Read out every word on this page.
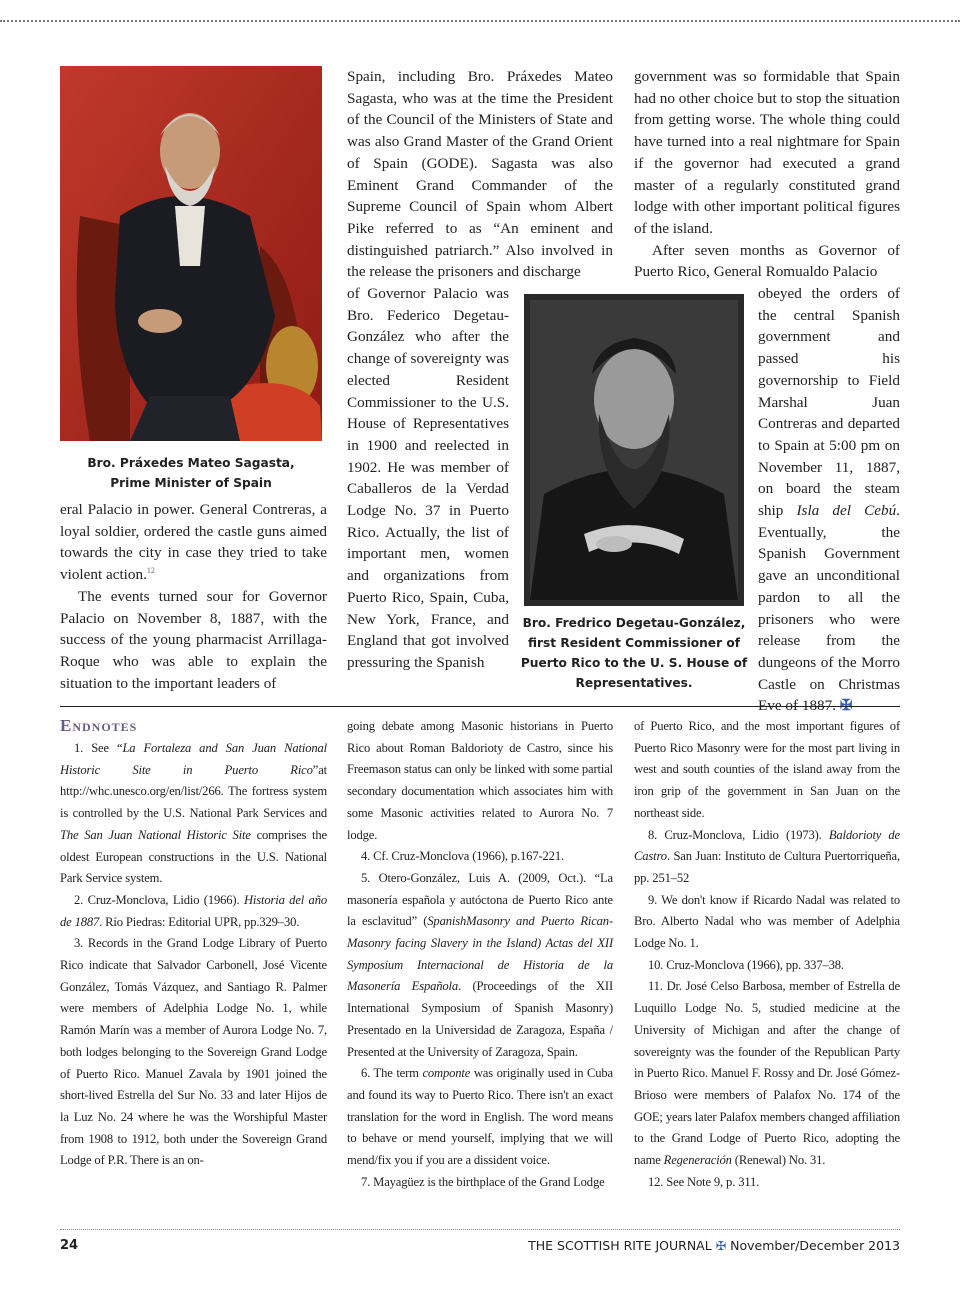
Bro. Práxedes Mateo Sagasta,
Prime Minister of Spain

eral Palacio in power. General Contreras, a loyal soldier, ordered the castle guns aimed towards the city in case they tried to take violent action.$^{12}$

The events turned sour for Governor Palacio on November 8, 1887, with the success of the young pharmacist Arrillaga-Roque who was able to explain the situation to the important leaders of

Spain, including Bro. Práxedes Mateo Sagasta, who was at the time the President of the Council of the Ministers of State and was also Grand Master of the Grand Orient of Spain (GODE). Sagasta was also Eminent Grand Commander of the Supreme Council of Spain whom Albert Pike referred to as “An eminent and distinguished patriarch.” Also involved in the release the prisoners and discharge

of Governor Palacio was Bro. Federico Degetau-González who after the change of sovereignty was elected Resident Commissioner to the U.S. House of Representatives in 1900 and reelected in 1902. He was member of Caballeros de la Verdad Lodge No. 37 in Puerto Rico. Actually, the list of important men, women and organizations from Puerto Rico, Spain, Cuba, New York, France, and England that got involved pressuring the Spanish

Bro. Fredrico Degetau-González,
first Resident Commissioner of
Puerto Rico to the U. S. House of
Representatives.

government was so formidable that Spain had no other choice but to stop the situation from getting worse. The whole thing could have turned into a real nightmare for Spain if the governor had executed a grand master of a regularly constituted grand lodge with other important political figures of the island.

After seven months as Governor of Puerto Rico, General Romualdo Palacio

obeyed the orders of the central Spanish government and passed his governorship to Field Marshal Juan Contreras and departed to Spain at 5:00 pm on November 11, 1887, on board the steam ship Isla del Cebú. Eventually, the Spanish Government gave an unconditional pardon to all the prisoners who were release from the dungeons of the Morro Castle on Christmas Eve of 1887. ✠

Endnotes

1. See “La Fortaleza and San Juan National Historic Site in Puerto Rico”at http://whc.unesco.org/en/list/266. The fortress system is controlled by the U.S. National Park Services and The San Juan National Historic Site comprises the oldest European constructions in the U.S. National Park Service system.

2. Cruz-Monclova, Lidio (1966). Historia del año de 1887. Río Piedras: Editorial UPR, pp.329–30.

3. Records in the Grand Lodge Library of Puerto Rico indicate that Salvador Carbonell, José Vicente González, Tomás Vázquez, and Santiago R. Palmer were members of Adelphia Lodge No. 1, while Ramón Marín was a member of Aurora Lodge No. 7, both lodges belonging to the Sovereign Grand Lodge of Puerto Rico. Manuel Zavala by 1901 joined the short-lived Estrella del Sur No. 33 and later Hijos de la Luz No. 24 where he was the Worshipful Master from 1908 to 1912, both under the Sovereign Grand Lodge of P.R. There is an on-

going debate among Masonic historians in Puerto Rico about Roman Baldorioty de Castro, since his Freemason status can only be linked with some partial secondary documentation which associates him with some Masonic activities related to Aurora No. 7 lodge.

4. Cf. Cruz-Monclova (1966), p.167-221.

5. Otero-González, Luis A. (2009, Oct.). “La masonería española y autóctona de Puerto Rico ante la esclavitud” (SpanishMasonry and Puerto Rican-Masonry facing Slavery in the Island) Actas del XII Symposium Internacional de Historia de la Masonería Española. (Proceedings of the XII International Symposium of Spanish Masonry) Presentado en la Universidad de Zaragoza, España / Presented at the University of Zaragoza, Spain.

6. The term componte was originally used in Cuba and found its way to Puerto Rico. There isn't an exact translation for the word in English. The word means to behave or mend yourself, implying that we will mend/fix you if you are a dissident voice.

7. Mayagüez is the birthplace of the Grand Lodge

of Puerto Rico, and the most important figures of Puerto Rico Masonry were for the most part living in west and south counties of the island away from the iron grip of the government in San Juan on the northeast side.

8. Cruz-Monclova, Lidio (1973). Baldorioty de Castro. San Juan: Instituto de Cultura Puertorriqueña, pp. 251–52

9. We don't know if Ricardo Nadal was related to Bro. Alberto Nadal who was member of Adelphia Lodge No. 1.

10. Cruz-Monclova (1966), pp. 337–38.

11. Dr. José Celso Barbosa, member of Estrella de Luquillo Lodge No. 5, studied medicine at the University of Michigan and after the change of sovereignty was the founder of the Republican Party in Puerto Rico. Manuel F. Rossy and Dr. José Gómez-Brioso were members of Palafox No. 174 of the GOE; years later Palafox members changed affiliation to the Grand Lodge of Puerto Rico, adopting the name Regeneración (Renewal) No. 31.

12. See Note 9, p. 311.

24	THE SCOTTISH RITE JOURNAL ✠ November/December 2013
